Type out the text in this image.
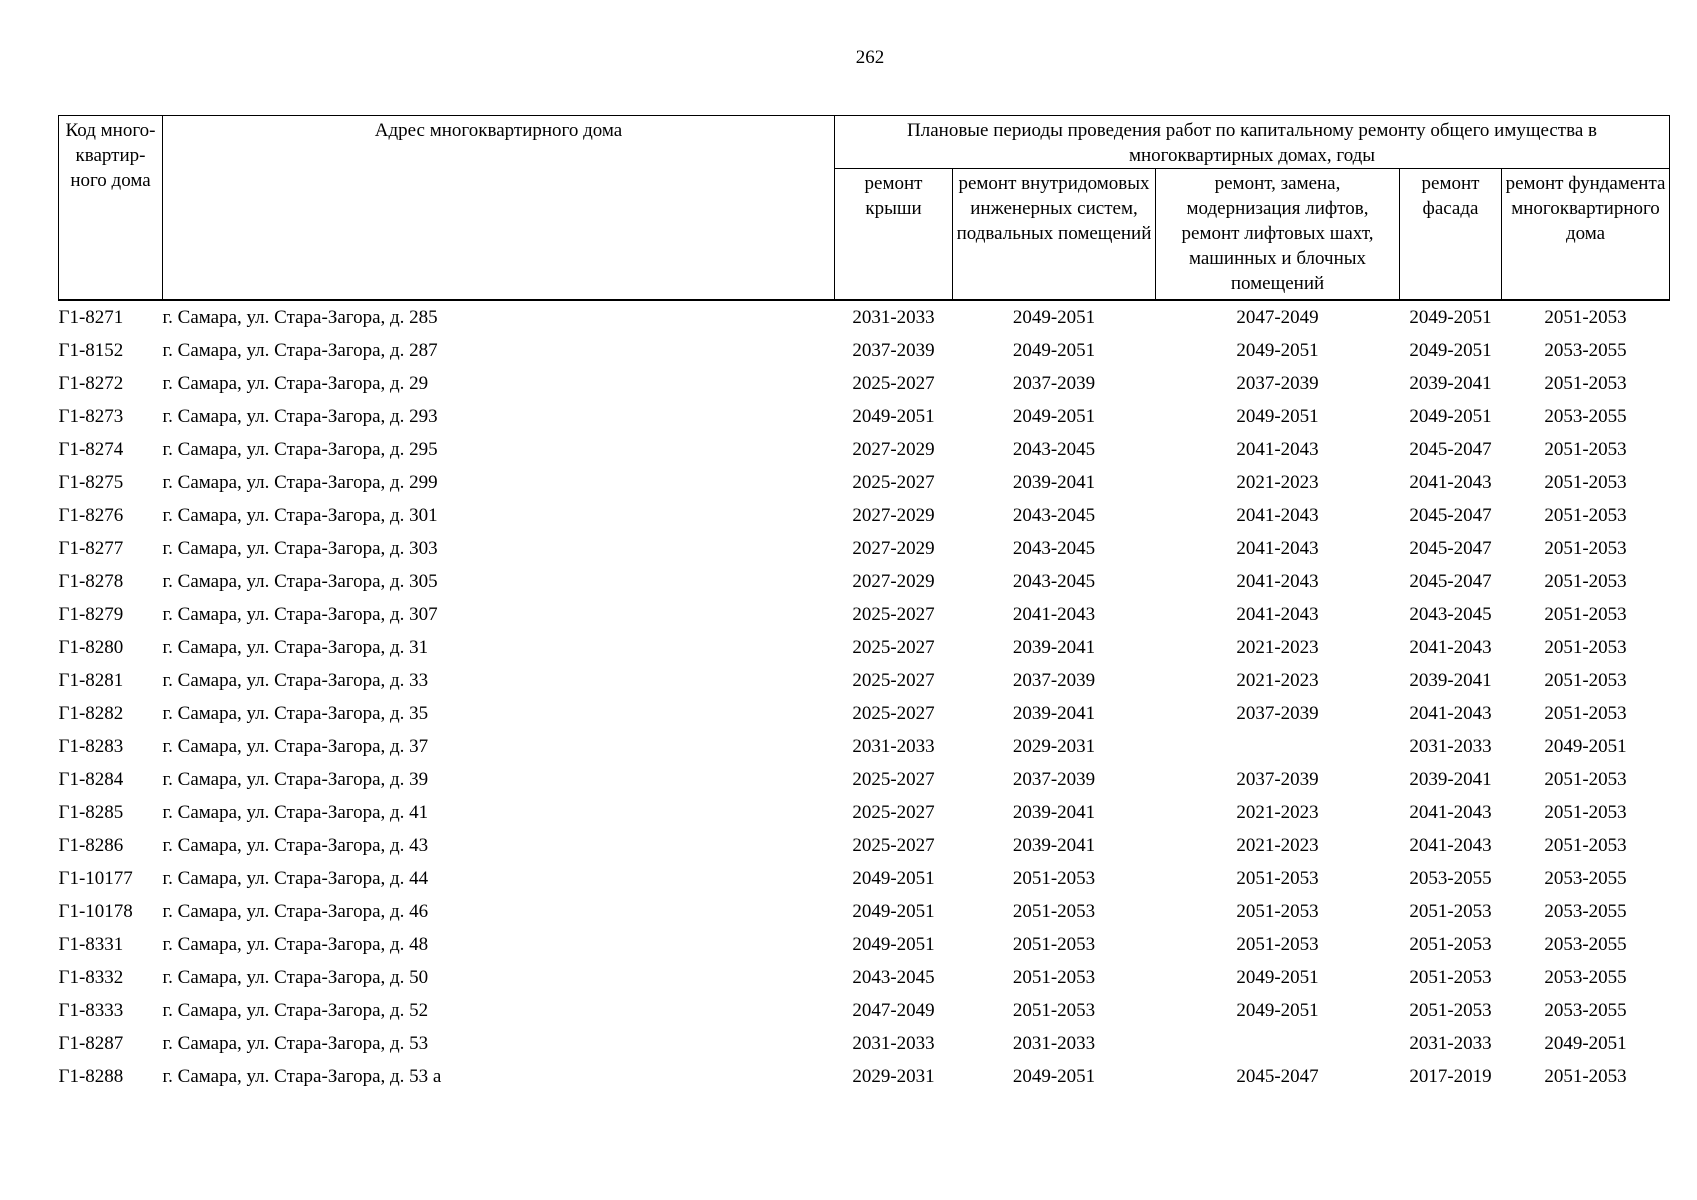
262
Код много-квартир-ного дома	Адрес многоквартирного дома	Плановые периоды проведения работ по капитальному ремонту общего имущества в многоквартирных домах, годы				
		ремонт крыши	ремонт внутридомовых инженерных систем, подвальных помещений	ремонт, замена, модернизация лифтов, ремонт лифтовых шахт, машинных и блочных помещений	ремонт фасада	ремонт фундамента многоквартирного дома
Г1-8271	г. Самара, ул. Стара-Загора, д. 285	2031-2033	2049-2051	2047-2049	2049-2051	2051-2053
Г1-8152	г. Самара, ул. Стара-Загора, д. 287	2037-2039	2049-2051	2049-2051	2049-2051	2053-2055
Г1-8272	г. Самара, ул. Стара-Загора, д. 29	2025-2027	2037-2039	2037-2039	2039-2041	2051-2053
Г1-8273	г. Самара, ул. Стара-Загора, д. 293	2049-2051	2049-2051	2049-2051	2049-2051	2053-2055
Г1-8274	г. Самара, ул. Стара-Загора, д. 295	2027-2029	2043-2045	2041-2043	2045-2047	2051-2053
Г1-8275	г. Самара, ул. Стара-Загора, д. 299	2025-2027	2039-2041	2021-2023	2041-2043	2051-2053
Г1-8276	г. Самара, ул. Стара-Загора, д. 301	2027-2029	2043-2045	2041-2043	2045-2047	2051-2053
Г1-8277	г. Самара, ул. Стара-Загора, д. 303	2027-2029	2043-2045	2041-2043	2045-2047	2051-2053
Г1-8278	г. Самара, ул. Стара-Загора, д. 305	2027-2029	2043-2045	2041-2043	2045-2047	2051-2053
Г1-8279	г. Самара, ул. Стара-Загора, д. 307	2025-2027	2041-2043	2041-2043	2043-2045	2051-2053
Г1-8280	г. Самара, ул. Стара-Загора, д. 31	2025-2027	2039-2041	2021-2023	2041-2043	2051-2053
Г1-8281	г. Самара, ул. Стара-Загора, д. 33	2025-2027	2037-2039	2021-2023	2039-2041	2051-2053
Г1-8282	г. Самара, ул. Стара-Загора, д. 35	2025-2027	2039-2041	2037-2039	2041-2043	2051-2053
Г1-8283	г. Самара, ул. Стара-Загора, д. 37	2031-2033	2029-2031		2031-2033	2049-2051
Г1-8284	г. Самара, ул. Стара-Загора, д. 39	2025-2027	2037-2039	2037-2039	2039-2041	2051-2053
Г1-8285	г. Самара, ул. Стара-Загора, д. 41	2025-2027	2039-2041	2021-2023	2041-2043	2051-2053
Г1-8286	г. Самара, ул. Стара-Загора, д. 43	2025-2027	2039-2041	2021-2023	2041-2043	2051-2053
Г1-10177	г. Самара, ул. Стара-Загора, д. 44	2049-2051	2051-2053	2051-2053	2053-2055	2053-2055
Г1-10178	г. Самара, ул. Стара-Загора, д. 46	2049-2051	2051-2053	2051-2053	2051-2053	2053-2055
Г1-8331	г. Самара, ул. Стара-Загора, д. 48	2049-2051	2051-2053	2051-2053	2051-2053	2053-2055
Г1-8332	г. Самара, ул. Стара-Загора, д. 50	2043-2045	2051-2053	2049-2051	2051-2053	2053-2055
Г1-8333	г. Самара, ул. Стара-Загора, д. 52	2047-2049	2051-2053	2049-2051	2051-2053	2053-2055
Г1-8287	г. Самара, ул. Стара-Загора, д. 53	2031-2033	2031-2033		2031-2033	2049-2051
Г1-8288	г. Самара, ул. Стара-Загора, д. 53 а	2029-2031	2049-2051	2045-2047	2017-2019	2051-2053
